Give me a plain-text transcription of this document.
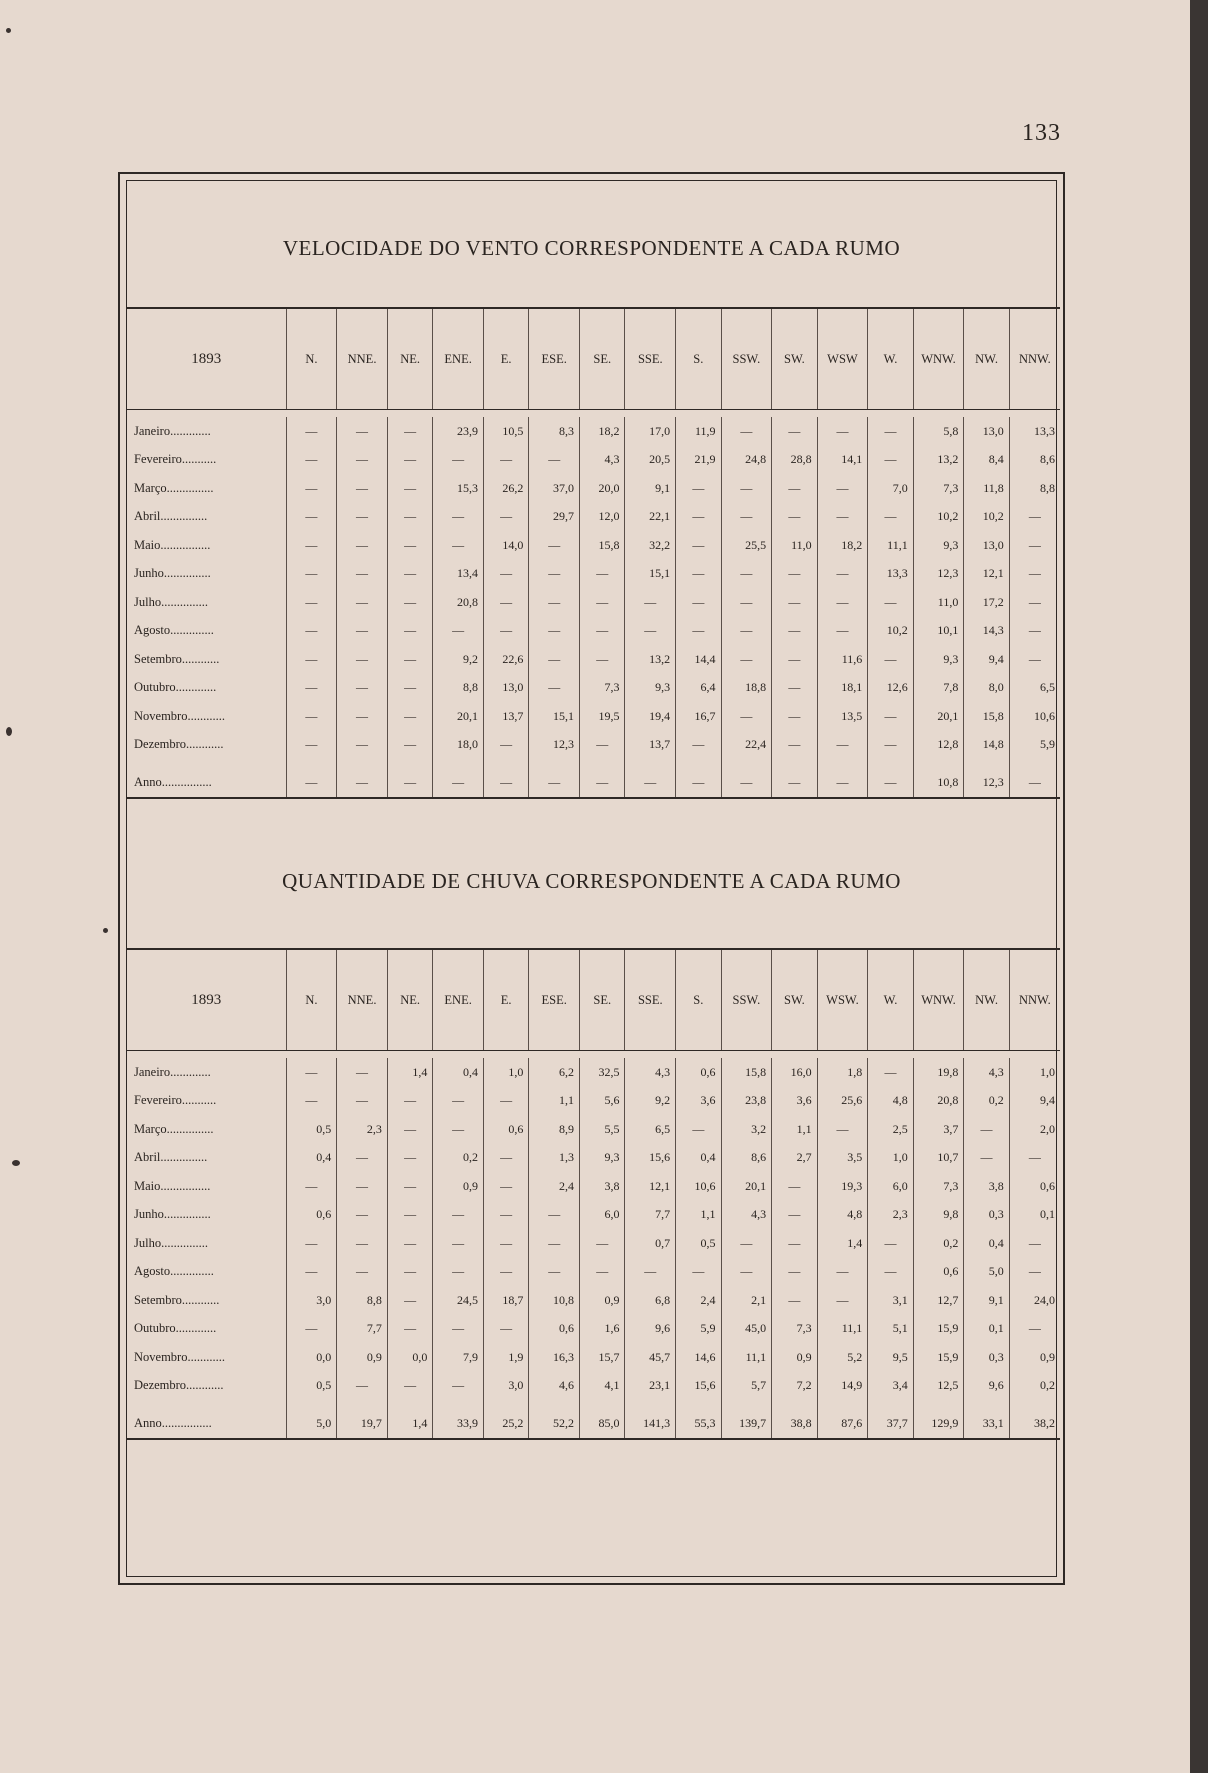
133
VELOCIDADE DO VENTO CORRESPONDENTE A CADA RUMO
1893	N.	NNE.	NE.	ENE.	E.	ESE.	SE.	SSE.	S.	SSW.	SW.	WSW	W.	WNW.	NW.	NNW.

Janeiro.............	—	—	—	23,9	10,5	8,3	18,2	17,0	11,9	—	—	—	—	5,8	13,0	13,3
Fevereiro...........	—	—	—	—	—	—	4,3	20,5	21,9	24,8	28,8	14,1	—	13,2	8,4	8,6
Março...............	—	—	—	15,3	26,2	37,0	20,0	9,1	—	—	—	—	7,0	7,3	11,8	8,8
Abril...............	—	—	—	—	—	29,7	12,0	22,1	—	—	—	—	—	10,2	10,2	—
Maio................	—	—	—	—	14,0	—	15,8	32,2	—	25,5	11,0	18,2	11,1	9,3	13,0	—
Junho...............	—	—	—	13,4	—	—	—	15,1	—	—	—	—	13,3	12,3	12,1	—
Julho...............	—	—	—	20,8	—	—	—	—	—	—	—	—	—	11,0	17,2	—
Agosto..............	—	—	—	—	—	—	—	—	—	—	—	—	10,2	10,1	14,3	—
Setembro............	—	—	—	9,2	22,6	—	—	13,2	14,4	—	—	11,6	—	9,3	9,4	—
Outubro.............	—	—	—	8,8	13,0	—	7,3	9,3	6,4	18,8	—	18,1	12,6	7,8	8,0	6,5
Novembro............	—	—	—	20,1	13,7	15,1	19,5	19,4	16,7	—	—	13,5	—	20,1	15,8	10,6
Dezembro............	—	—	—	18,0	—	12,3	—	13,7	—	22,4	—	—	—	12,8	14,8	5,9

Anno................	—	—	—	—	—	—	—	—	—	—	—	—	—	10,8	12,3	—
QUANTIDADE DE CHUVA CORRESPONDENTE A CADA RUMO
1893	N.	NNE.	NE.	ENE.	E.	ESE.	SE.	SSE.	S.	SSW.	SW.	WSW.	W.	WNW.	NW.	NNW.

Janeiro.............	—	—	1,4	0,4	1,0	6,2	32,5	4,3	0,6	15,8	16,0	1,8	—	19,8	4,3	1,0
Fevereiro...........	—	—	—	—	—	1,1	5,6	9,2	3,6	23,8	3,6	25,6	4,8	20,8	0,2	9,4
Março...............	0,5	2,3	—	—	0,6	8,9	5,5	6,5	—	3,2	1,1	—	2,5	3,7	—	2,0
Abril...............	0,4	—	—	0,2	—	1,3	9,3	15,6	0,4	8,6	2,7	3,5	1,0	10,7	—	—
Maio................	—	—	—	0,9	—	2,4	3,8	12,1	10,6	20,1	—	19,3	6,0	7,3	3,8	0,6
Junho...............	0,6	—	—	—	—	—	6,0	7,7	1,1	4,3	—	4,8	2,3	9,8	0,3	0,1
Julho...............	—	—	—	—	—	—	—	0,7	0,5	—	—	1,4	—	0,2	0,4	—
Agosto..............	—	—	—	—	—	—	—	—	—	—	—	—	—	0,6	5,0	—
Setembro............	3,0	8,8	—	24,5	18,7	10,8	0,9	6,8	2,4	2,1	—	—	3,1	12,7	9,1	24,0
Outubro.............	—	7,7	—	—	—	0,6	1,6	9,6	5,9	45,0	7,3	11,1	5,1	15,9	0,1	—
Novembro............	0,0	0,9	0,0	7,9	1,9	16,3	15,7	45,7	14,6	11,1	0,9	5,2	9,5	15,9	0,3	0,9
Dezembro............	0,5	—	—	—	3,0	4,6	4,1	23,1	15,6	5,7	7,2	14,9	3,4	12,5	9,6	0,2

Anno................	5,0	19,7	1,4	33,9	25,2	52,2	85,0	141,3	55,3	139,7	38,8	87,6	37,7	129,9	33,1	38,2
